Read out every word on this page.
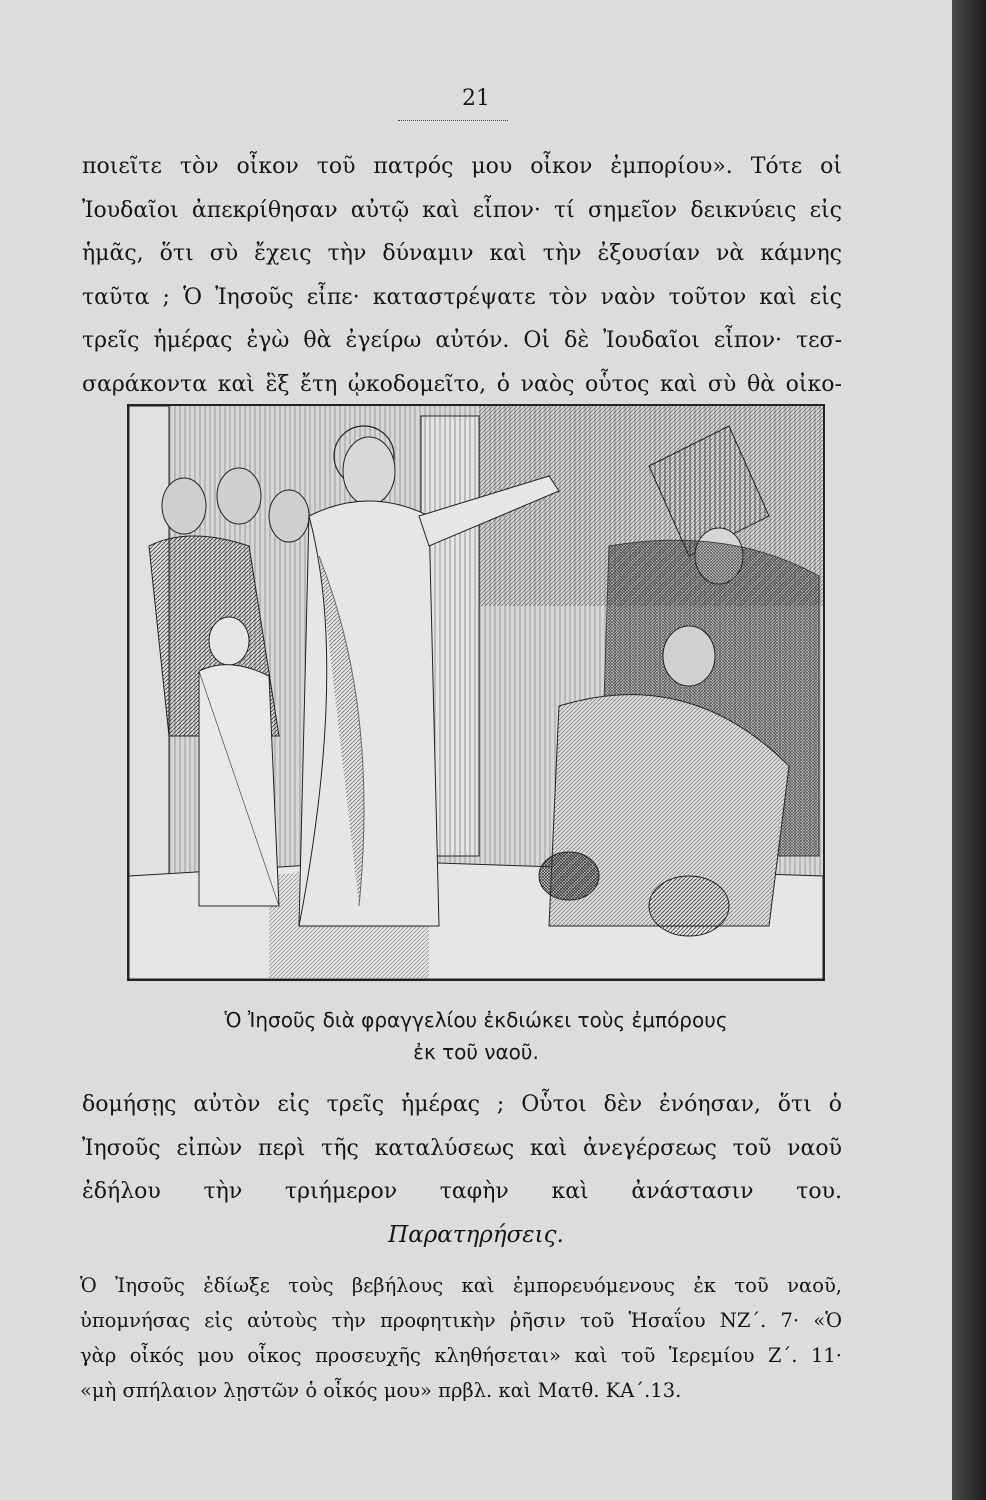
21
ποιεῖτε τὸν οἶκον τοῦ πατρός μου οἶκον ἐμπορίου». Τότε οἱ
Ἰουδαῖοι ἀπεκρίθησαν αὐτῷ καὶ εἶπον· τί σημεῖον δεικνύεις εἰς
ἡμᾶς, ὅτι σὺ ἔχεις τὴν δύναμιν καὶ τὴν ἐξουσίαν νὰ κάμνης
ταῦτα ; Ὁ Ἰησοῦς εἶπε· καταστρέψατε τὸν ναὸν τοῦτον καὶ εἰς
τρεῖς ἡμέρας ἐγὼ θὰ ἐγείρω αὐτόν. Οἱ δὲ Ἰουδαῖοι εἶπον· τεσ-
σαράκοντα καὶ ἓξ ἔτη ᾠκοδομεῖτο, ὁ ναὸς οὗτος καὶ σὺ θὰ οἰκο-
Ὁ Ἰησοῦς διὰ φραγγελίου ἐκδιώκει τοὺς ἐμπόρους
ἐκ τοῦ ναοῦ.
δομήσῃς αὐτὸν εἰς τρεῖς ἡμέρας ; Οὗτοι δὲν ἐνόησαν, ὅτι ὁ
Ἰησοῦς εἰπὼν περὶ τῆς καταλύσεως καὶ ἀνεγέρσεως τοῦ ναοῦ
ἐδήλου τὴν τριήμερον ταφὴν καὶ ἀνάστασιν του.
Παρατηρήσεις.
Ὁ Ἰησοῦς ἐδίωξε τοὺς βεβήλους καὶ ἐμπορευόμενους ἐκ τοῦ ναοῦ,
ὑπομνήσας εἰς αὐτοὺς τὴν προφητικὴν ῥῆσιν τοῦ Ἡσαΐου ΝΖ΄. 7· «Ὁ
γὰρ οἶκός μου οἶκος προσευχῆς κληθήσεται» καὶ τοῦ Ἱερεμίου Ζ΄. 11·
«μὴ σπήλαιον λῃστῶν ὁ οἶκός μου» πρβλ. καὶ Ματθ. ΚΑ΄.13.
